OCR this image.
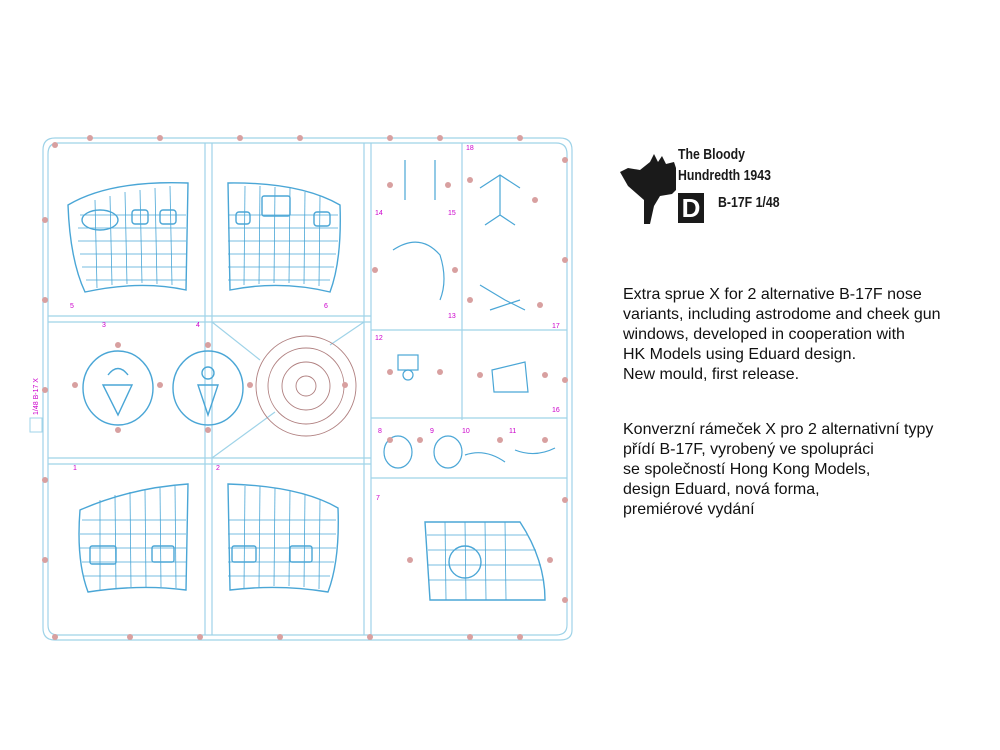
1	2
3	4
5	6
7
8	9	10	11
12
13
14	15
16
17
18
1/48 B-17 X
The Bloody
Hundredth 1943
D B-17F 1/48
Extra sprue X for 2 alternative B-17F nose
variants, including astrodome and cheek gun
windows, developed in cooperation with
HK Models using Eduard design.
New mould, first release.
Konverzní rámeček X pro 2 alternativní typy
přídí B-17F, vyrobený ve spolupráci
se společností Hong Kong Models,
design Eduard, nová forma,
premiérové vydání
